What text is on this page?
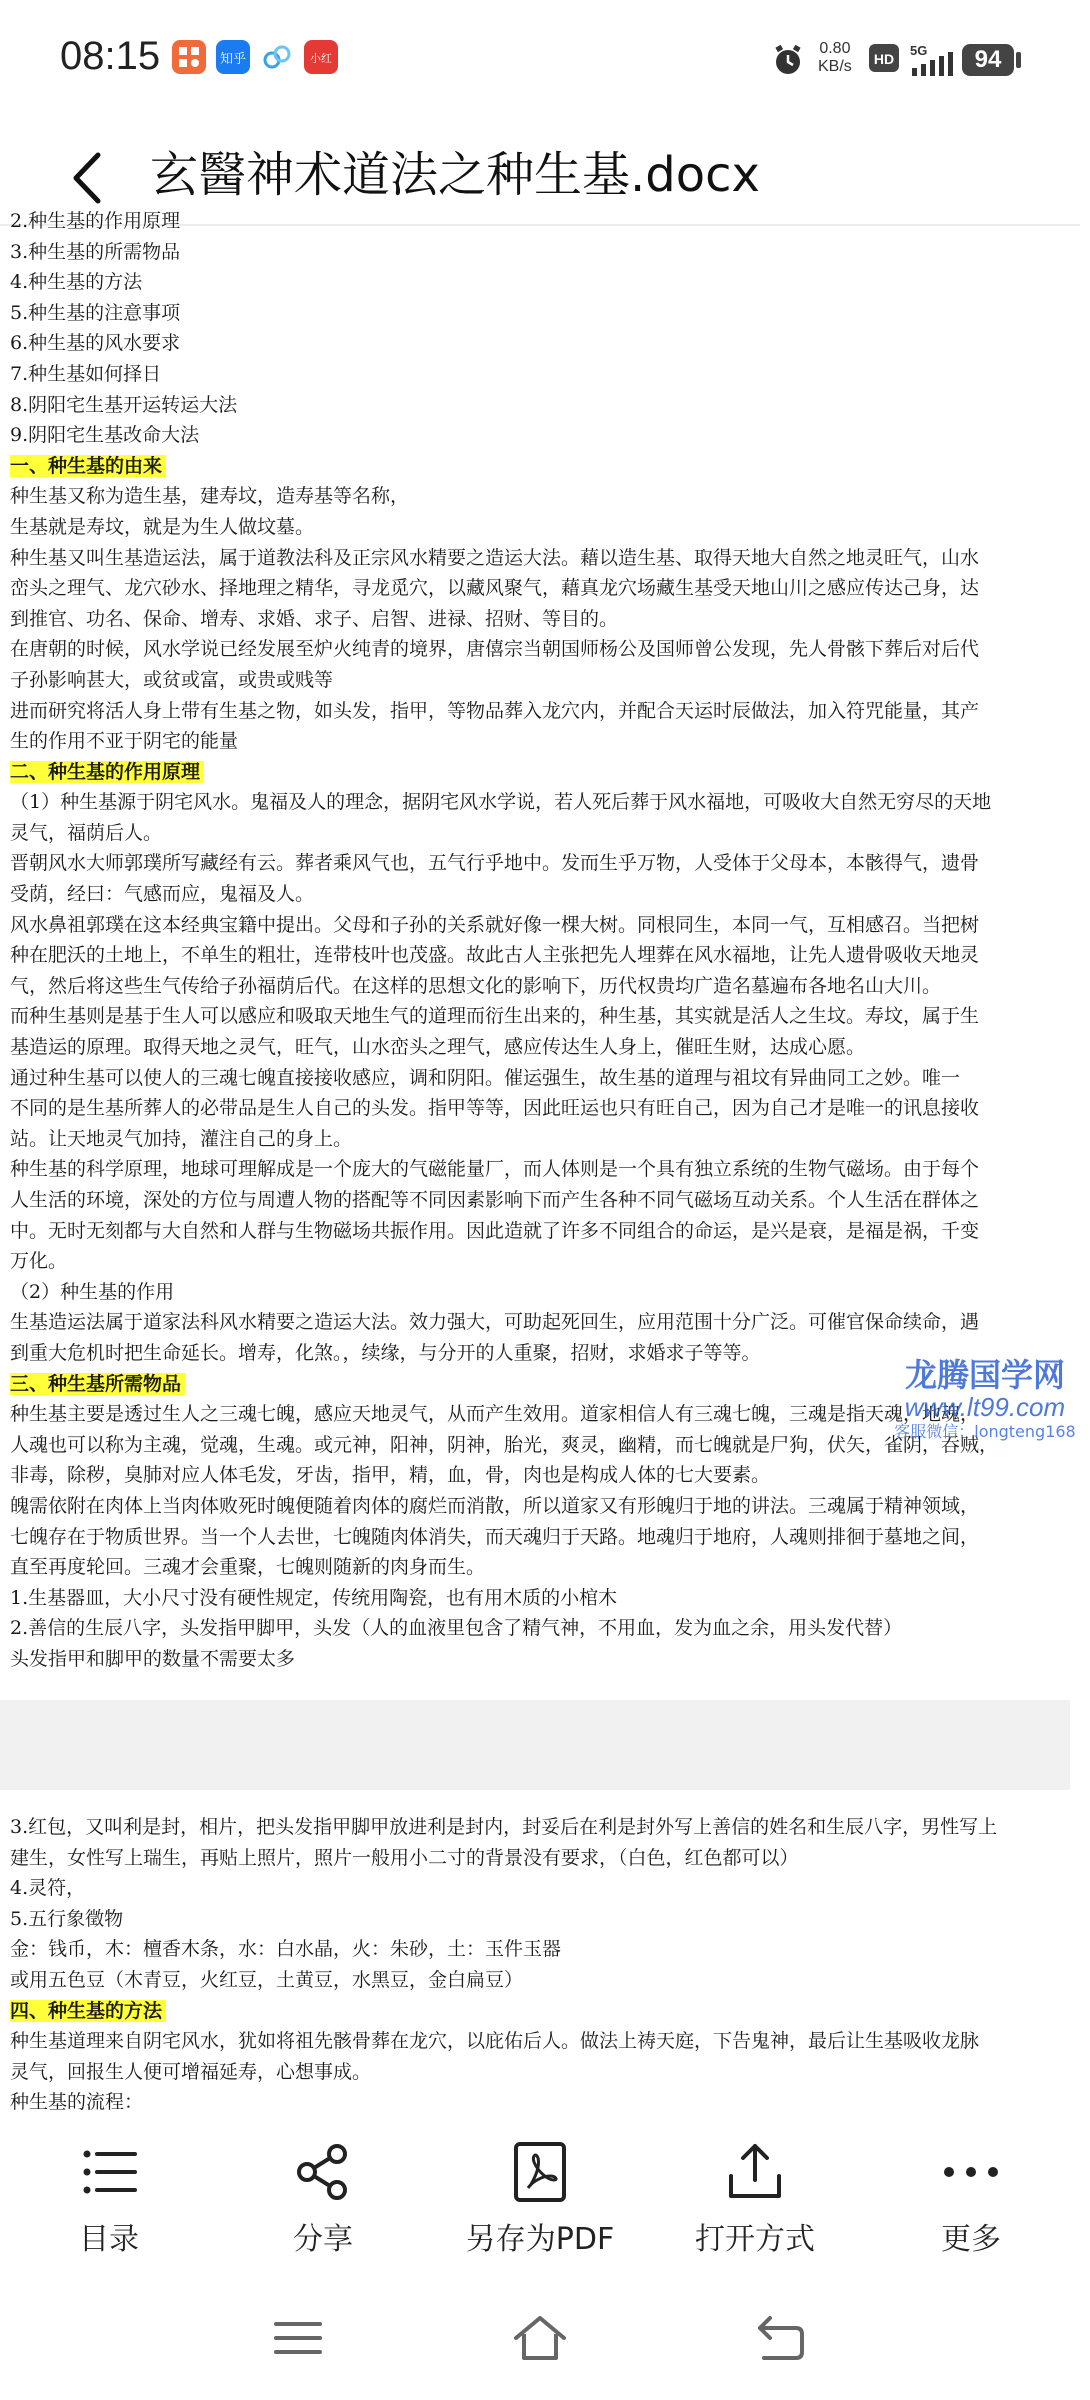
08:15	知乎	小红
0.80
KB/s HD
5G	94
玄醫神术道法之种生基.docx

2.种生基的作用原理

3.种生基的所需物品

4.种生基的方法

5.种生基的注意事项

6.种生基的风水要求

7.种生基如何择日

8.阴阳宅生基开运转运大法

9.阴阳宅生基改命大法

一、种生基的由来

种生基又称为造生基，建寿坟，造寿基等名称，

生基就是寿坟，就是为生人做坟墓。

种生基又叫生基造运法，属于道教法科及正宗风水精要之造运大法。藉以造生基、取得天地大自然之地灵旺气，山水

峦头之理气、龙穴砂水、择地理之精华，寻龙觅穴，以藏风聚气，藉真龙穴场藏生基受天地山川之感应传达己身，达

到推官、功名、保命、增寿、求婚、求子、启智、进禄、招财、等目的。

在唐朝的时候，风水学说已经发展至炉火纯青的境界，唐僖宗当朝国师杨公及国师曾公发现，先人骨骸下葬后对后代

子孙影响甚大，或贫或富，或贵或贱等

进而研究将活人身上带有生基之物，如头发，指甲，等物品葬入龙穴内，并配合天运时辰做法，加入符咒能量，其产

生的作用不亚于阴宅的能量

二、种生基的作用原理

（1）种生基源于阴宅风水。鬼福及人的理念，据阴宅风水学说，若人死后葬于风水福地，可吸收大自然无穷尽的天地

灵气，福荫后人。

晋朝风水大师郭璞所写藏经有云。葬者乘风气也，五气行乎地中。发而生乎万物，人受体于父母本，本骸得气，遗骨

受荫，经曰：气感而应，鬼福及人。

风水鼻祖郭璞在这本经典宝籍中提出。父母和子孙的关系就好像一棵大树。同根同生，本同一气，互相感召。当把树

种在肥沃的土地上，不单生的粗壮，连带枝叶也茂盛。故此古人主张把先人埋葬在风水福地，让先人遗骨吸收天地灵

气，然后将这些生气传给子孙福荫后代。在这样的思想文化的影响下，历代权贵均广造名墓遍布各地名山大川。

而种生基则是基于生人可以感应和吸取天地生气的道理而衍生出来的，种生基，其实就是活人之生坟。寿坟，属于生

基造运的原理。取得天地之灵气，旺气，山水峦头之理气，感应传达生人身上，催旺生财，达成心愿。

通过种生基可以使人的三魂七魄直接接收感应，调和阴阳。催运强生，故生基的道理与祖坟有异曲同工之妙。唯一

不同的是生基所葬人的必带品是生人自己的头发。指甲等等，因此旺运也只有旺自己，因为自己才是唯一的讯息接收

站。让天地灵气加持，灌注自己的身上。

种生基的科学原理，地球可理解成是一个庞大的气磁能量厂，而人体则是一个具有独立系统的生物气磁场。由于每个

人生活的环境，深处的方位与周遭人物的搭配等不同因素影响下而产生各种不同气磁场互动关系。个人生活在群体之

中。无时无刻都与大自然和人群与生物磁场共振作用。因此造就了许多不同组合的命运，是兴是衰，是福是祸，千变

万化。

（2）种生基的作用

生基造运法属于道家法科风水精要之造运大法。效力强大，可助起死回生，应用范围十分广泛。可催官保命续命，遇

到重大危机时把生命延长。增寿，化煞。，续缘，与分开的人重聚，招财，求婚求子等等。

三、种生基所需物品

种生基主要是透过生人之三魂七魄，感应天地灵气，从而产生效用。道家相信人有三魂七魄，三魂是指天魂，地魂，

人魂也可以称为主魂，觉魂，生魂。或元神，阳神，阴神，胎光，爽灵，幽精，而七魄就是尸狗，伏矢，雀阴，吞贼，

非毒，除秽，臭肺对应人体毛发，牙齿，指甲，精，血，骨，肉也是构成人体的七大要素。

魄需依附在肉体上当肉体败死时魄便随着肉体的腐烂而消散，所以道家又有形魄归于地的讲法。三魂属于精神领域，

七魄存在于物质世界。当一个人去世，七魄随肉体消失，而天魂归于天路。地魂归于地府，人魂则排徊于墓地之间，

直至再度轮回。三魂才会重聚，七魄则随新的肉身而生。

1.生基器皿，大小尺寸没有硬性规定，传统用陶瓷，也有用木质的小棺木

2.善信的生辰八字，头发指甲脚甲，头发（人的血液里包含了精气神，不用血，发为血之余，用头发代替）

头发指甲和脚甲的数量不需要太多

3.红包，又叫利是封，相片，把头发指甲脚甲放进利是封内，封妥后在利是封外写上善信的姓名和生辰八字，男性写上

建生，女性写上瑞生，再贴上照片，照片一般用小二寸的背景没有要求，（白色，红色都可以）

4.灵符，

5.五行象徵物

金：钱币，木：檀香木条，水：白水晶，火：朱砂，土：玉件玉器

或用五色豆（木青豆，火红豆，土黄豆，水黑豆，金白扁豆）

四、种生基的方法

种生基道理来自阴宅风水，犹如将祖先骸骨葬在龙穴，以庇佑后人。做法上祷天庭，下告鬼神，最后让生基吸收龙脉

灵气，回报生人便可增福延寿，心想事成。

种生基的流程：

龙腾国学网
www.lt99.com
客服微信：longteng168
目录	分享	另存为PDF	打开方式	更多
